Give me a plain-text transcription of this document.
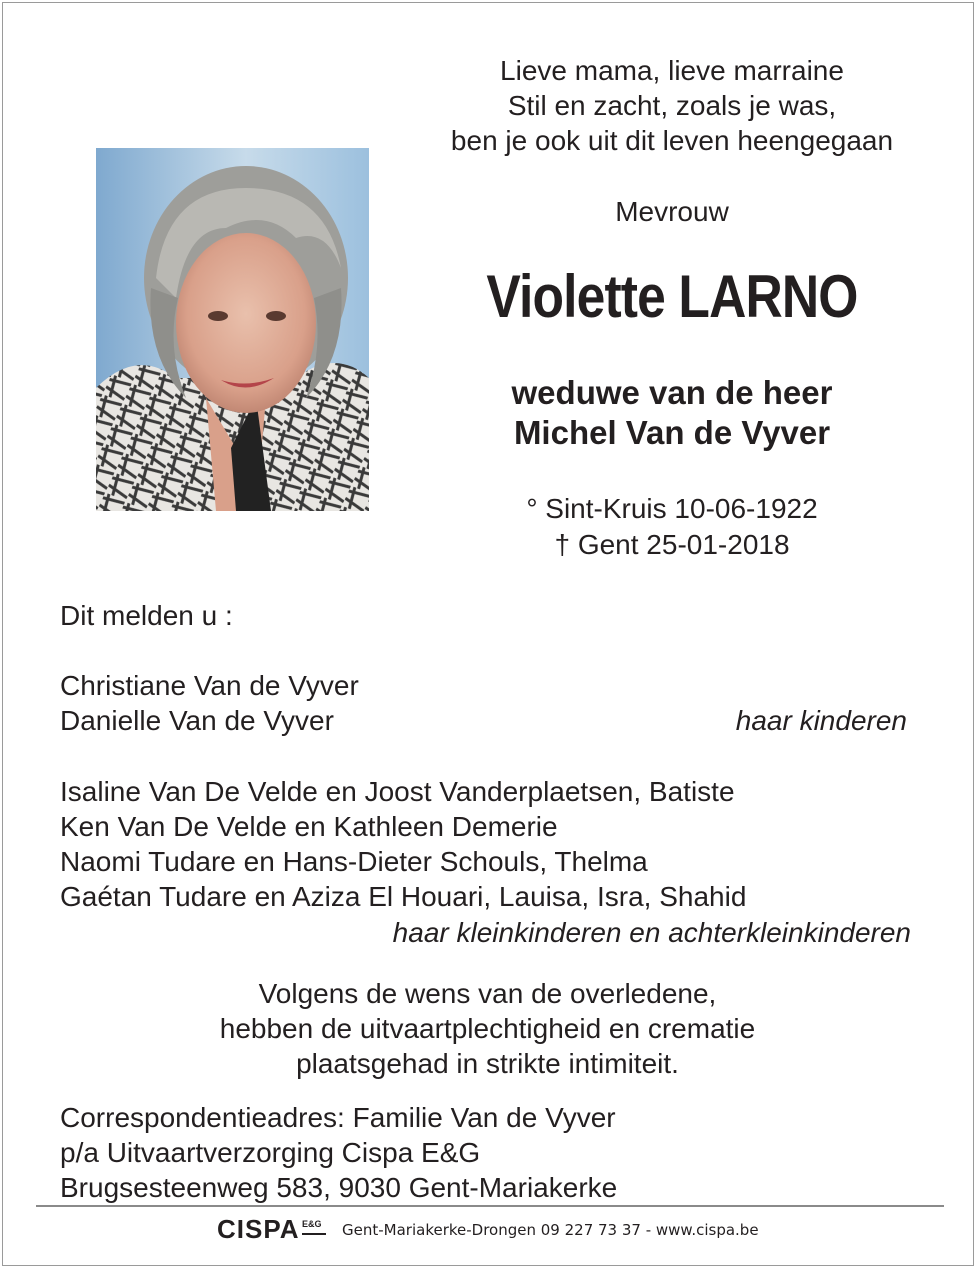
Lieve mama, lieve marraine
Stil en zacht, zoals je was,
ben je ook uit dit leven heengegaan
Mevrouw
Violette LARNO
weduwe van de heer
Michel Van de Vyver
° Sint-Kruis 10-06-1922
† Gent 25-01-2018
Dit melden u :
Christiane Van de Vyver
Danielle Van de Vyver	haar kinderen
Isaline Van De Velde en Joost Vanderplaetsen, Batiste
Ken Van De Velde en Kathleen Demerie
Naomi Tudare en Hans-Dieter Schouls, Thelma
Gaétan Tudare en Aziza El Houari, Lauisa, Isra, Shahid
haar kleinkinderen en achterkleinkinderen
Volgens de wens van de overledene,
hebben de uitvaartplechtigheid en crematie
plaatsgehad in strikte intimiteit.
Correspondentieadres: Familie Van de Vyver
p/a Uitvaartverzorging Cispa E&G
Brugsesteenweg 583, 9030 Gent-Mariakerke
CISPA E&G Gent-Mariakerke-Drongen 09 227 73 37 - www.cispa.be
